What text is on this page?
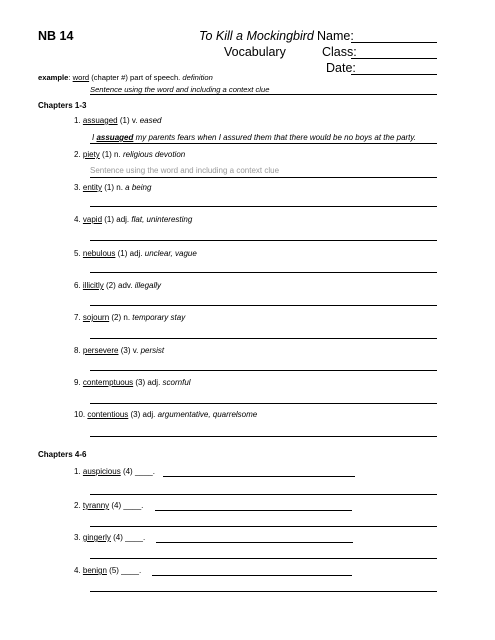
NB 14	To Kill a Mockingbird
Vocabulary
Name:
Class:
Date:
example: word (chapter #) part of speech. definition
Sentence using the word and including a context clue
Chapters 1-3
1. assuaged (1) v. eased
I assuaged my parents fears when I assured them that there would be no boys at the party.
2. piety (1) n. religious devotion
Sentence using the word and including a context clue
3. entity (1) n. a being
4. vapid (1) adj. flat, uninteresting
5. nebulous (1) adj. unclear, vague
6. illicitly (2) adv. illegally
7. sojourn (2) n. temporary stay
8. persevere (3) v. persist
9. contemptuous (3) adj. scornful
10. contentious (3) adj. argumentative, quarrelsome
Chapters 4-6
1. auspicious (4) ____.
2. tyranny (4) ____.
3. gingerly (4) ____.
4. benign (5) ____.
